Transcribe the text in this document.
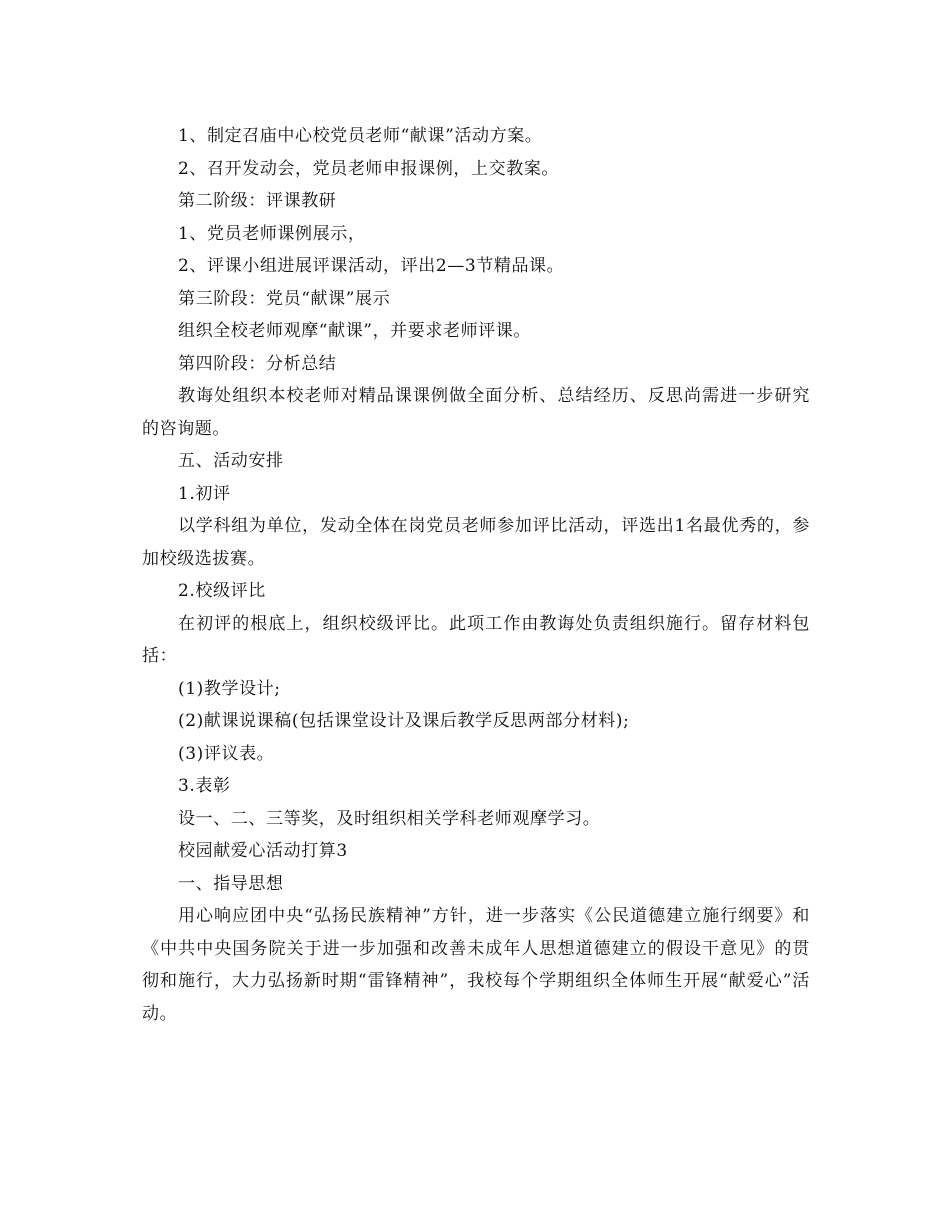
1、制定召庙中心校党员老师“献课”活动方案。

2、召开发动会，党员老师申报课例，上交教案。

第二阶级：评课教研

1、党员老师课例展示，

2、评课小组进展评课活动，评出2—3节精品课。

第三阶段：党员“献课”展示

组织全校老师观摩“献课”，并要求老师评课。

第四阶段：分析总结

教诲处组织本校老师对精品课课例做全面分析、总结经历、反思尚需进一步研究的咨询题。

五、活动安排

1.初评

以学科组为单位，发动全体在岗党员老师参加评比活动，评选出1名最优秀的，参加校级选拔赛。

2.校级评比

在初评的根底上，组织校级评比。此项工作由教诲处负责组织施行。留存材料包括：

(1)教学设计;

(2)献课说课稿(包括课堂设计及课后教学反思两部分材料);

(3)评议表。

3.表彰

设一、二、三等奖，及时组织相关学科老师观摩学习。

校园献爱心活动打算3

一、指导思想

用心响应团中央“弘扬民族精神”方针，进一步落实《公民道德建立施行纲要》和《中共中央国务院关于进一步加强和改善未成年人思想道德建立的假设干意见》的贯彻和施行，大力弘扬新时期“雷锋精神”，我校每个学期组织全体师生开展“献爱心”活动。
